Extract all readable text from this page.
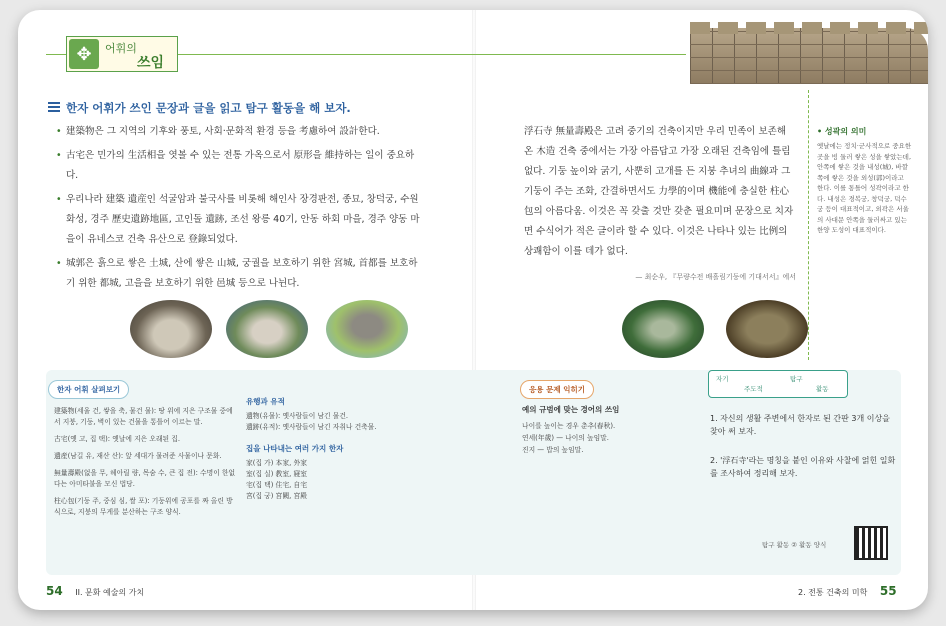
✥	어휘의
쓰임
한자 어휘가 쓰인 문장과 글을 읽고 탐구 활동을 해 보자.
• 建築物은 그 지역의 기후와 풍토, 사회·문화적 환경 등을 考慮하여 設計한다.
• 古宅은 민가의 生活相을 엿볼 수 있는 전통 가옥으로서 原形을 維持하는 일이 중요하다.
• 우리나라 建築 遺産인 석굴암과 불국사를 비롯해 해인사 장경판전, 종묘, 창덕궁, 수원 화성, 경주 歷史遺跡地區, 고인돌 遺跡, 조선 왕릉 40기, 안동 하회 마을, 경주 양동 마을이 유네스코 건축 유산으로 登錄되었다.
• 城郭은 흙으로 쌓은 土城, 산에 쌓은 山城, 궁궐을 보호하기 위한 宮城, 首都를 보호하기 위한 都城, 고을을 보호하기 위한 邑城 등으로 나뉜다.
浮石寺 無量壽殿은 고려 중기의 건축이지만 우리 민족이 보존해 온 木造 건축 중에서는 가장 아름답고 가장 오래된 건축임에 틀림없다. 기둥 높이와 굵기, 사뿐히 고개를 든 지붕 추녀의 曲線과 그 기둥이 주는 조화, 간결하면서도 力學的이며 機能에 충실한 柱心包의 아름다움. 이것은 꼭 갖출 것만 갖춘 필요미며 문장으로 치자면 수식어가 적은 글이라 할 수 있다. 이것은 나타나 있는 比例의 상쾌함이 이를 데가 없다.
— 최순우, 『무량수전 배흘림기둥에 기대서서』에서
• 성곽의 의미
옛날에는 정치·군사적으로 중요한 곳을 빙 둘러 쌓은 성을 쌓았는데, 안쪽에 쌓은 것을 내성(城), 바깥쪽에 쌓은 것을 외성(郭)이라고 한다. 이를 통틀어 성곽이라고 한다. 내성은 경복궁, 창덕궁, 덕수궁 등이 대표적이고, 외곽은 서울의 사대문 안쪽을 둘러싸고 있는 한양 도성이 대표적이다.
한자 어휘 살펴보기	응용 문제 익히기

建築物(세울 건, 쌓을 축, 물건 물): 땅 위에 지은 구조물 중에서 지붕, 기둥, 벽이 있는 건물을 통틀어 이르는 말.

古宅(옛 고, 집 택): 옛날에 지은 오래된 집.

遺産(남길 유, 재산 산): 앞 세대가 물려준 사물이나 문화.

無量壽殿(없을 무, 헤아릴 량, 목숨 수, 큰 집 전): 수명이 한없다는 아미타불을 모신 법당.

柱心包(기둥 주, 중심 심, 쌀 포): 기둥위에 공포를 짜 올린 방식으로, 지붕의 무게를 분산하는 구조 양식.

유행과 유적

遺物(유물): 옛사람들이 남긴 물건.

遺跡(유적): 옛사람들이 남긴 자취나 건축물.

집을 나타내는 여러 가지 한자

家(집 가) 本家, 外家

室(집 실) 教室, 寢室

宅(집 택) 住宅, 自宅

宮(집 궁) 宮闕, 宮殿

예의 규범에 맞는 경어의 쓰임

나이를 높이는 경우 춘추(春秋).

연세(年歲) — 나이의 높임말.

진지 — 밥의 높임말.

자기
주도적
탐구
활동

1. 자신의 생활 주변에서 한자로 된 간판 3개 이상을 찾아 써 보자.

2. '浮石寺'라는 명칭을 붙인 이유와 사찰에 얽힌 일화를 조사하여 정리해 보자.

탐구 활동 ② 활동 양식
54 II. 문화 예술의 가치	2. 전통 건축의 미학 55
